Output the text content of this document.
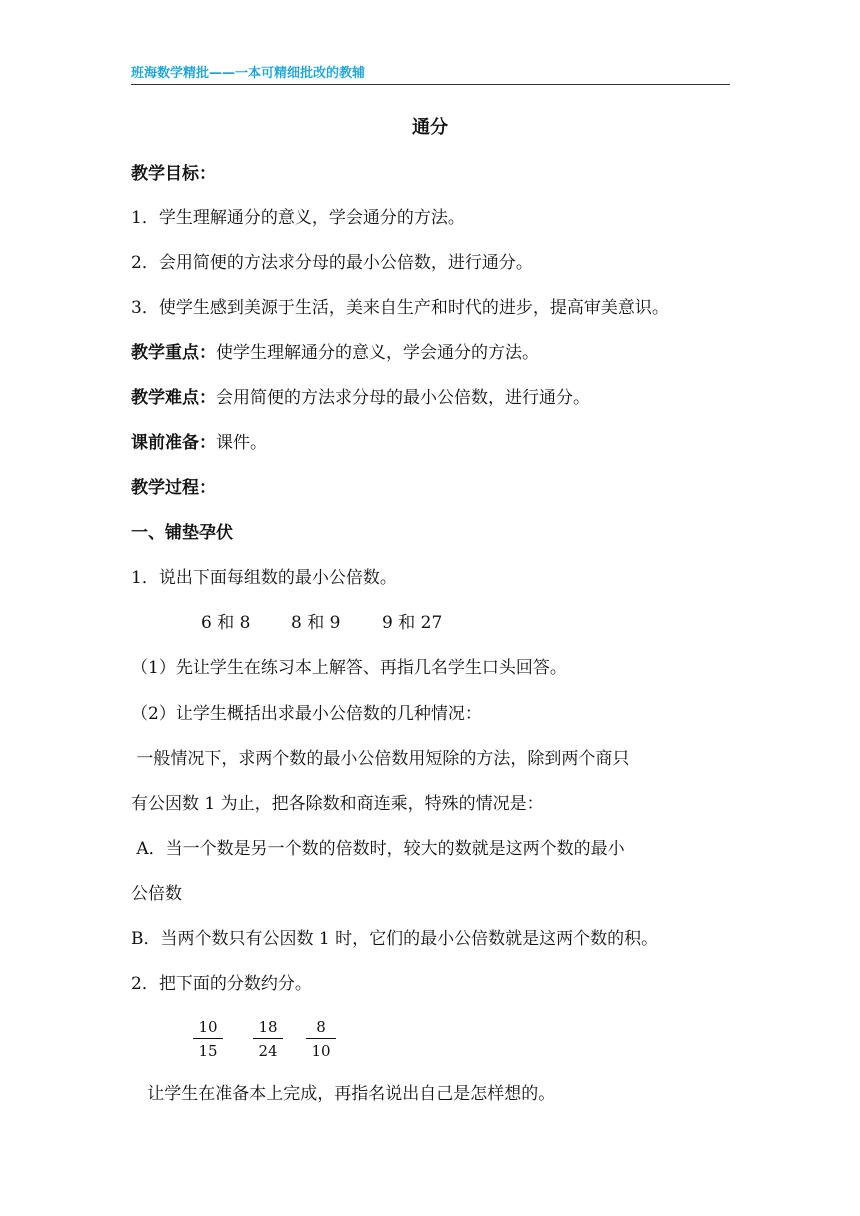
班海数学精批——一本可精细批改的教辅
通分
教学目标：
1．学生理解通分的意义，学会通分的方法。
2．会用简便的方法求分母的最小公倍数，进行通分。
3．使学生感到美源于生活，美来自生产和时代的进步，提高审美意识。
教学重点：使学生理解通分的意义，学会通分的方法。
教学难点：会用简便的方法求分母的最小公倍数，进行通分。
课前准备：课件。
教学过程：
一、铺垫孕伏
1．说出下面每组数的最小公倍数。
6 和 8 8 和 9 9 和 27
（1）先让学生在练习本上解答、再指几名学生口头回答。
（2）让学生概括出求最小公倍数的几种情况：
一般情况下，求两个数的最小公倍数用短除的方法，除到两个商只
有公因数 1 为止，把各除数和商连乘，特殊的情况是：
A．当一个数是另一个数的倍数时，较大的数就是这两个数的最小
公倍数
B．当两个数只有公因数 1 时，它们的最小公倍数就是这两个数的积。
2．把下面的分数约分。
$\frac{10}{15} \frac{18}{24} \frac{8}{10}$
让学生在准备本上完成，再指名说出自己是怎样想的。
